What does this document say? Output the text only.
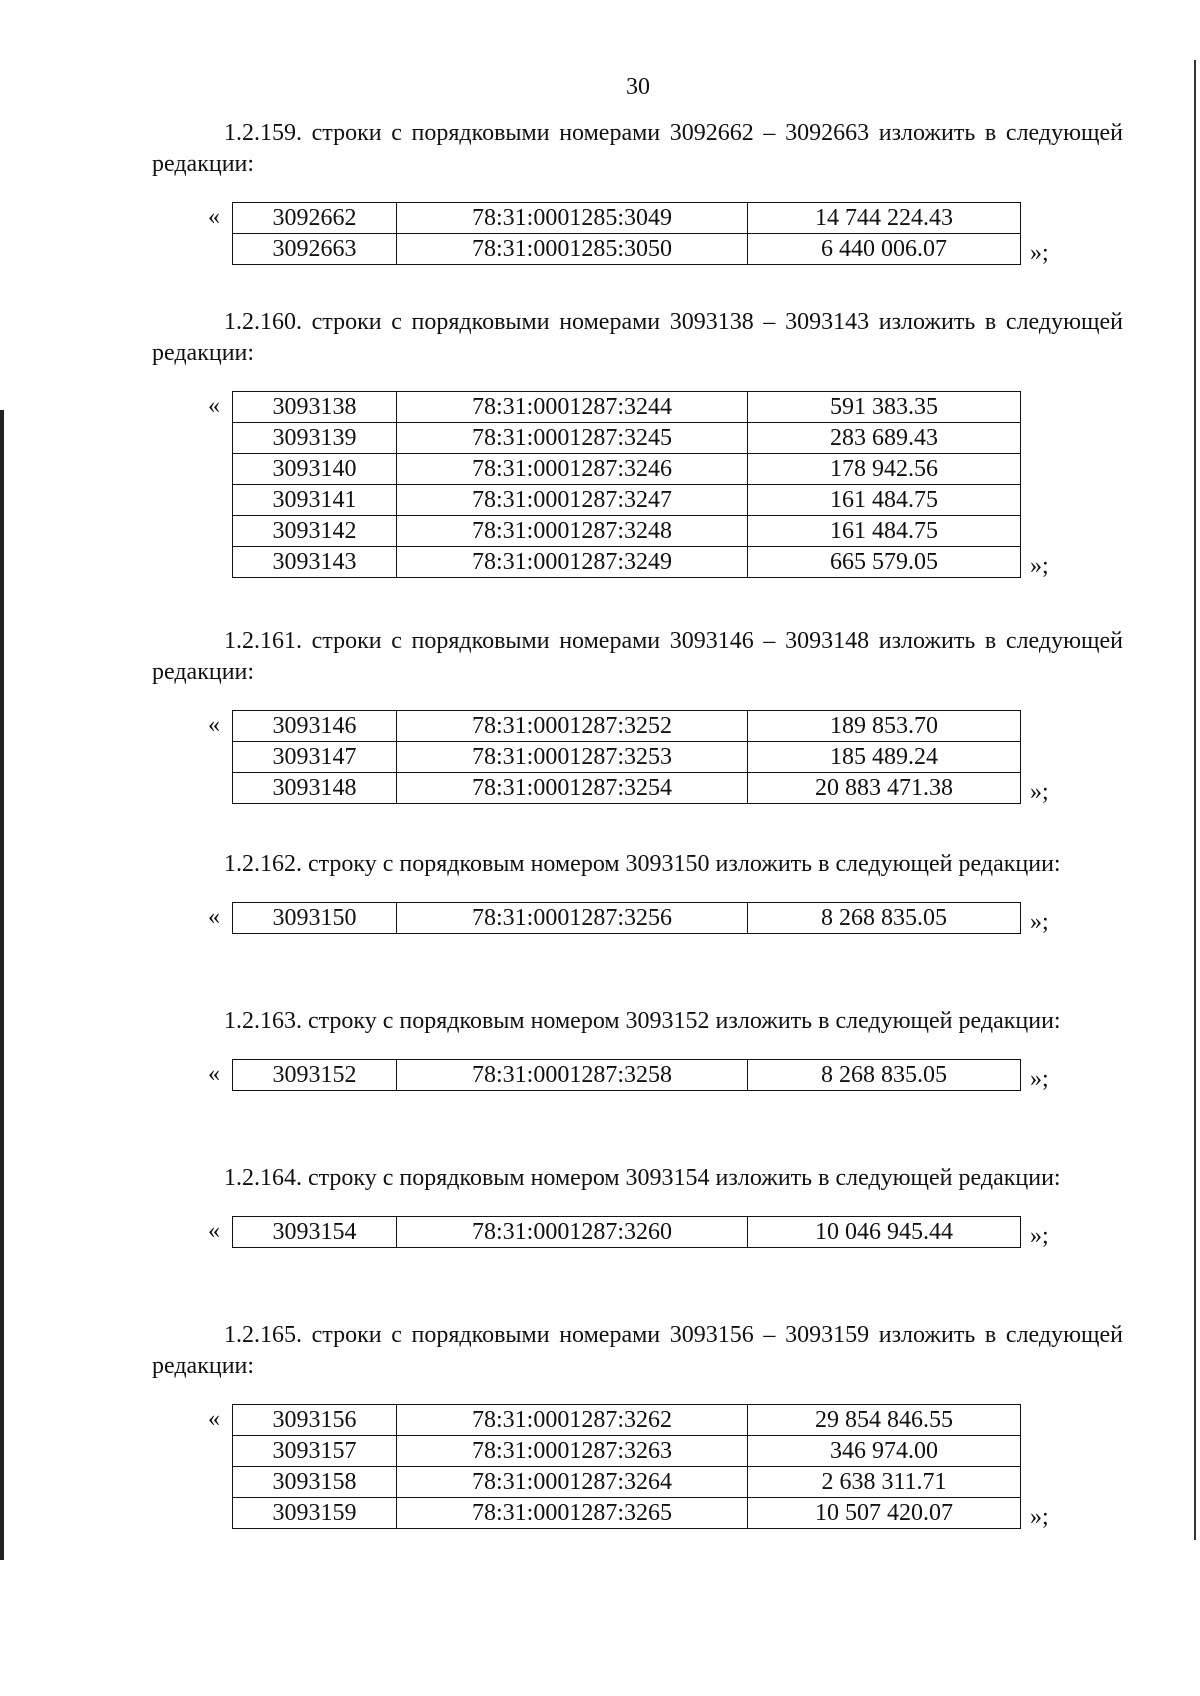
30

1.2.159. строки с порядковыми номерами 3092662 – 3092663 изложить в следующей редакции:

« 3092662	78:31:0001285:3049	14 744 224.43
3092663	78:31:0001285:3050	6 440 006.07	»;

1.2.160. строки с порядковыми номерами 3093138 – 3093143 изложить в следующей редакции:

« 3093138	78:31:0001287:3244	591 383.35
3093139	78:31:0001287:3245	283 689.43
3093140	78:31:0001287:3246	178 942.56
3093141	78:31:0001287:3247	161 484.75
3093142	78:31:0001287:3248	161 484.75
3093143	78:31:0001287:3249	665 579.05	»;

1.2.161. строки с порядковыми номерами 3093146 – 3093148 изложить в следующей редакции:

« 3093146	78:31:0001287:3252	189 853.70
3093147	78:31:0001287:3253	185 489.24
3093148	78:31:0001287:3254	20 883 471.38	»;

1.2.162. строку с порядковым номером 3093150 изложить в следующей редакции:

« 3093150	78:31:0001287:3256	8 268 835.05	»;

1.2.163. строку с порядковым номером 3093152 изложить в следующей редакции:

« 3093152	78:31:0001287:3258	8 268 835.05	»;

1.2.164. строку с порядковым номером 3093154 изложить в следующей редакции:

« 3093154	78:31:0001287:3260	10 046 945.44	»;

1.2.165. строки с порядковыми номерами 3093156 – 3093159 изложить в следующей редакции:

« 3093156	78:31:0001287:3262	29 854 846.55
3093157	78:31:0001287:3263	346 974.00
3093158	78:31:0001287:3264	2 638 311.71
3093159	78:31:0001287:3265	10 507 420.07	»;
